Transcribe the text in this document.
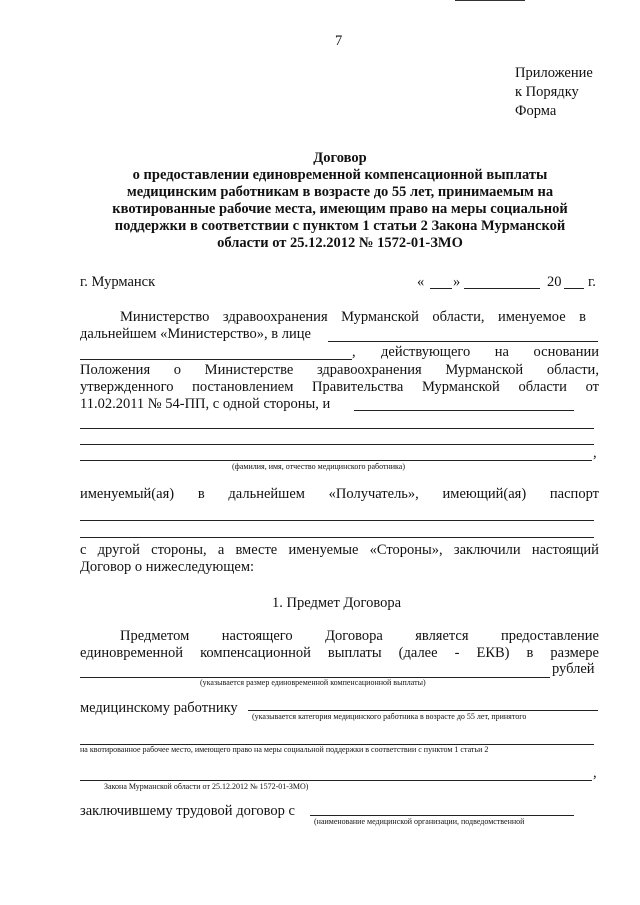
7
Приложение
к Порядку
Форма
Договор
о предоставлении единовременной компенсационной выплаты
медицинским работникам в возрасте до 55 лет, принимаемым на
квотированные рабочие места, имеющим право на меры социальной
поддержки в соответствии с пунктом 1 статьи 2 Закона Мурманской
области от 25.12.2012 № 1572-01-ЗМО
г. Мурманск	« »	20 г.
Министерство здравоохранения Мурманской области, именуемое в
дальнейшем «Министерство», в лице
, действующего на основании
Положения о Министерстве здравоохранения Мурманской области,
утвержденного постановлением Правительства Мурманской области от
11.02.2011 № 54-ПП, с одной стороны, и
,
(фамилия, имя, отчество медицинского работника)
именуемый(ая) в дальнейшем «Получатель», имеющий(ая) паспорт
с другой стороны, а вместе именуемые «Стороны», заключили настоящий
Договор о нижеследующем:
1. Предмет Договора
Предметом настоящего Договора является предоставление
единовременной компенсационной выплаты (далее - ЕКВ) в размере
рублей
(указывается размер единовременной компенсационной выплаты)
медицинскому работнику
(указывается категория медицинского работника в возрасте до 55 лет, принятого
на квотированное рабочее место, имеющего право на меры социальной поддержки в соответствии с пунктом 1 статьи 2
,
Закона Мурманской области от 25.12.2012 № 1572-01-ЗМО)
заключившему трудовой договор с
(наименование медицинской организации, подведомственной
